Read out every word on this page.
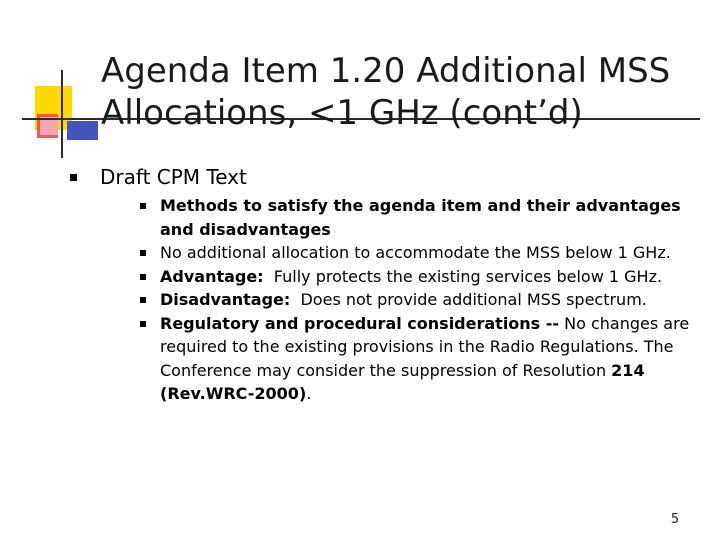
Agenda Item 1.20 Additional MSS
Allocations, <1 GHz (cont’d)
Draft CPM Text

Methods to satisfy the agenda item and their advantages and disadvantages

No additional allocation to accommodate the MSS below 1 GHz.

Advantage:  Fully protects the existing services below 1 GHz.

Disadvantage:  Does not provide additional MSS spectrum.

Regulatory and procedural considerations -- No changes are required to the existing provisions in the Radio Regulations. The Conference may consider the suppression of Resolution 214 (Rev.WRC-2000).

5
